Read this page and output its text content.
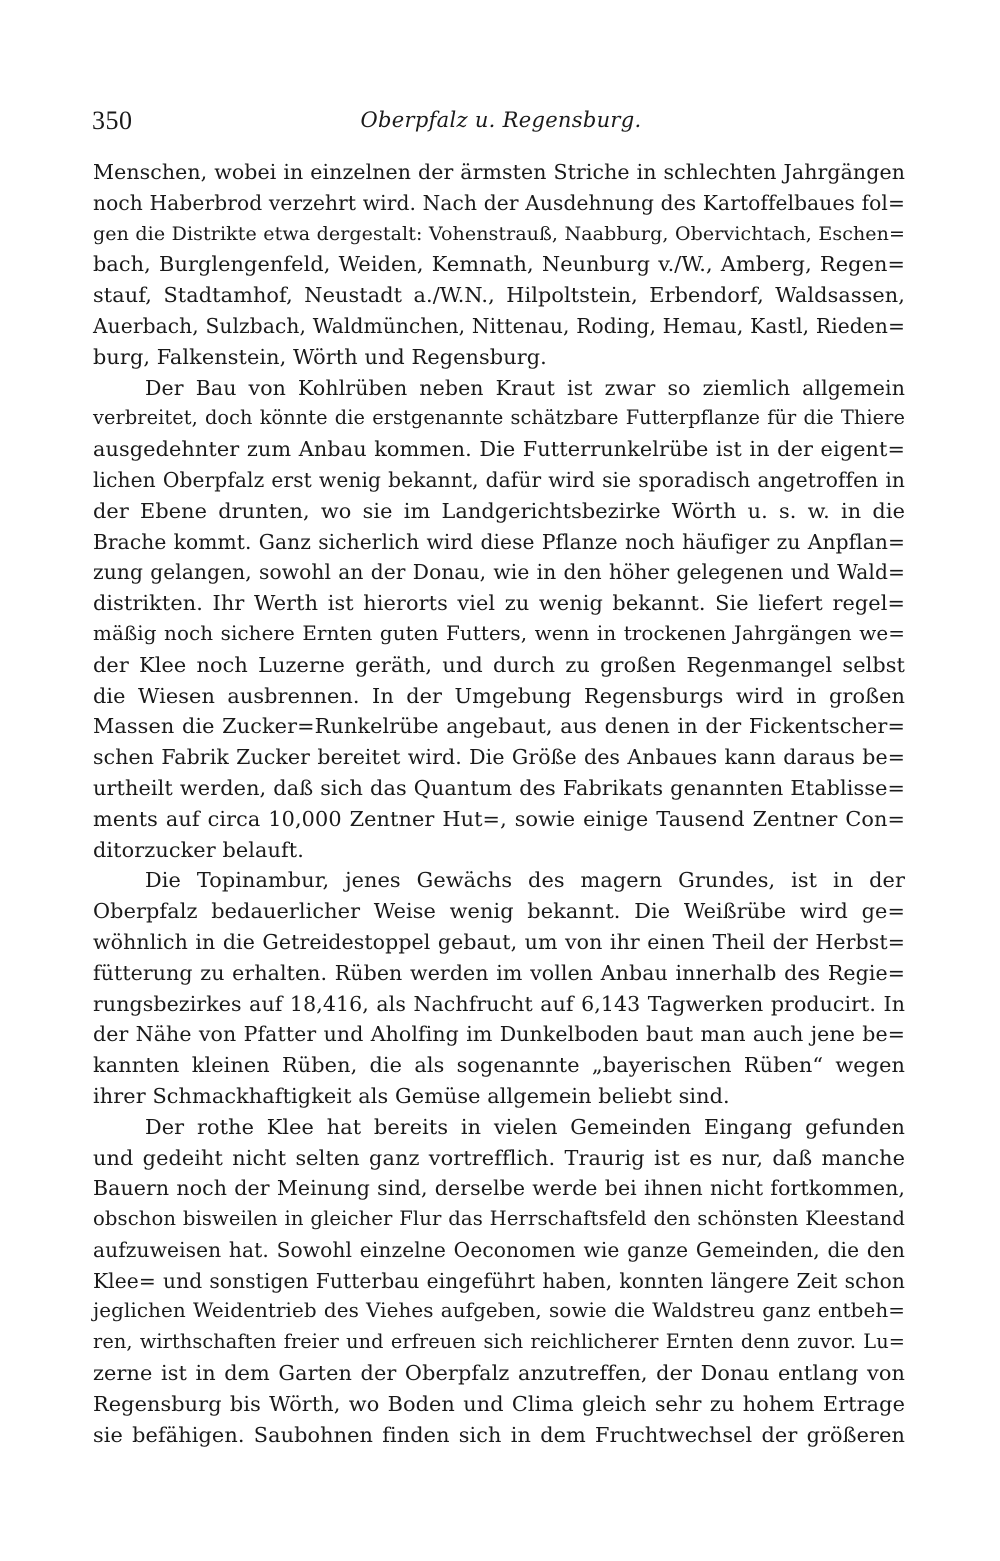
350	Oberpfalz u. Regensburg.
Menschen, wobei in einzelnen der ärmsten Striche in schlechten Jahrgängen
noch Haberbrod verzehrt wird. Nach der Ausdehnung des Kartoffelbaues fol=
gen die Distrikte etwa dergestalt: Vohenstrauß, Naabburg, Obervichtach, Eschen=
bach, Burglengenfeld, Weiden, Kemnath, Neunburg v./W., Amberg, Regen=
stauf, Stadtamhof, Neustadt a./W.N., Hilpoltstein, Erbendorf, Waldsassen,
Auerbach, Sulzbach, Waldmünchen, Nittenau, Roding, Hemau, Kastl, Rieden=
burg, Falkenstein, Wörth und Regensburg.
Der Bau von Kohlrüben neben Kraut ist zwar so ziemlich allgemein
verbreitet, doch könnte die erstgenannte schätzbare Futterpflanze für die Thiere
ausgedehnter zum Anbau kommen. Die Futterrunkelrübe ist in der eigent=
lichen Oberpfalz erst wenig bekannt, dafür wird sie sporadisch angetroffen in
der Ebene drunten, wo sie im Landgerichtsbezirke Wörth u. s. w. in die
Brache kommt. Ganz sicherlich wird diese Pflanze noch häufiger zu Anpflan=
zung gelangen, sowohl an der Donau, wie in den höher gelegenen und Wald=
distrikten. Ihr Werth ist hierorts viel zu wenig bekannt. Sie liefert regel=
mäßig noch sichere Ernten guten Futters, wenn in trockenen Jahrgängen we=
der Klee noch Luzerne geräth, und durch zu großen Regenmangel selbst
die Wiesen ausbrennen. In der Umgebung Regensburgs wird in großen
Massen die Zucker=Runkelrübe angebaut, aus denen in der Fickentscher=
schen Fabrik Zucker bereitet wird. Die Größe des Anbaues kann daraus be=
urtheilt werden, daß sich das Quantum des Fabrikats genannten Etablisse=
ments auf circa 10,000 Zentner Hut=, sowie einige Tausend Zentner Con=
ditorzucker belauft.
Die Topinambur, jenes Gewächs des magern Grundes, ist in der
Oberpfalz bedauerlicher Weise wenig bekannt. Die Weißrübe wird ge=
wöhnlich in die Getreidestoppel gebaut, um von ihr einen Theil der Herbst=
fütterung zu erhalten. Rüben werden im vollen Anbau innerhalb des Regie=
rungsbezirkes auf 18,416, als Nachfrucht auf 6,143 Tagwerken producirt. In
der Nähe von Pfatter und Aholfing im Dunkelboden baut man auch jene be=
kannten kleinen Rüben, die als sogenannte „bayerischen Rüben“ wegen
ihrer Schmackhaftigkeit als Gemüse allgemein beliebt sind.
Der rothe Klee hat bereits in vielen Gemeinden Eingang gefunden
und gedeiht nicht selten ganz vortrefflich. Traurig ist es nur, daß manche
Bauern noch der Meinung sind, derselbe werde bei ihnen nicht fortkommen,
obschon bisweilen in gleicher Flur das Herrschaftsfeld den schönsten Kleestand
aufzuweisen hat. Sowohl einzelne Oeconomen wie ganze Gemeinden, die den
Klee= und sonstigen Futterbau eingeführt haben, konnten längere Zeit schon
jeglichen Weidentrieb des Viehes aufgeben, sowie die Waldstreu ganz entbeh=
ren, wirthschaften freier und erfreuen sich reichlicherer Ernten denn zuvor. Lu=
zerne ist in dem Garten der Oberpfalz anzutreffen, der Donau entlang von
Regensburg bis Wörth, wo Boden und Clima gleich sehr zu hohem Ertrage
sie befähigen. Saubohnen finden sich in dem Fruchtwechsel der größeren
